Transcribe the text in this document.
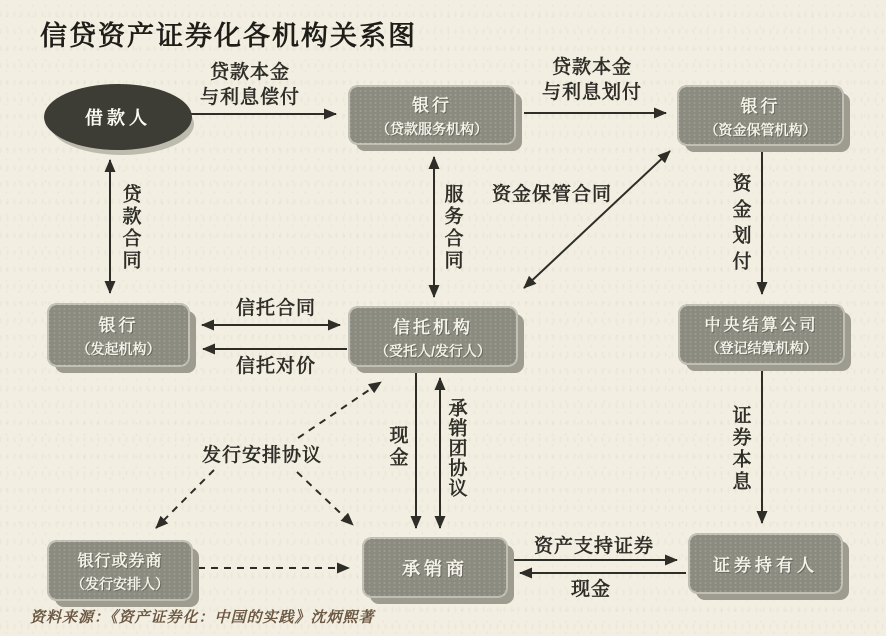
信贷资产证券化各机构关系图
借款人
银行
（贷款服务机构）
银行
（资金保管机构）
银行
（发起机构）
信托机构
（受托人/发行人）
中央结算公司
（登记结算机构）
银行或券商
（发行安排人）
承销商	证券持有人
贷款本金
与利息偿付
贷款本金
与利息划付
贷款合同	服务合同 资金保管合同	资金划付
信托合同
信托对价
现金 承销团协议	证券本息
发行安排协议
资产支持证券
现金
资料来源：《资产证券化：中国的实践》沈炳熙著
